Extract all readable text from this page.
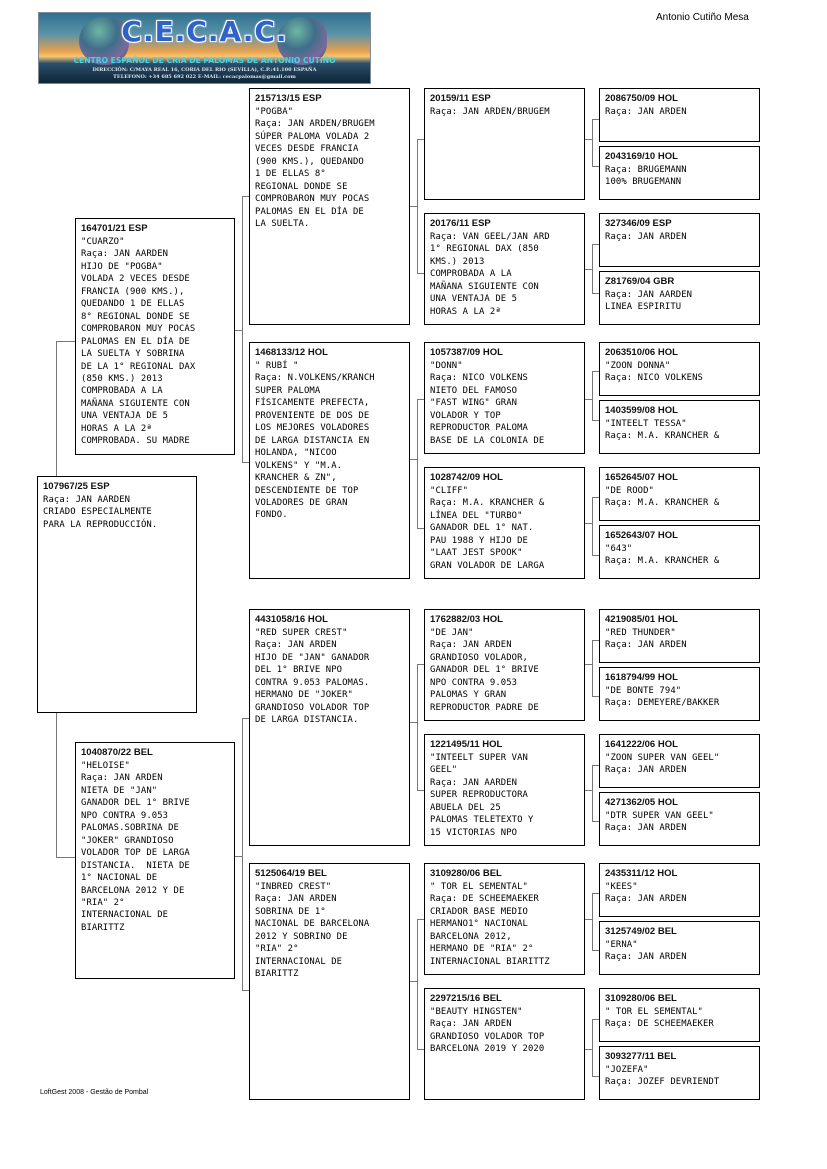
C.E.C.A.C.
CENTRO ESPAÑOL DE CRIA DE PALOMAS DE ANTONIO CUTIÑO
DIRECCIÓN: C/MAYA REAL 16, CORIA DEL RIO (SEVILLA), C.P.:41.100 ESPAÑA
TELEFONO: +34 685 692 022 E-MAIL: cecacpalomas@gmail.com
Antonio Cutiño Mesa
107967/25 ESP
Raça: JAN AARDEN
CRIADO ESPECIALMENTE
PARA LA REPRODUCCIÓN.
164701/21 ESP
"CUARZO"
Raça: JAN AARDEN
HIJO DE "POGBA"
VOLADA 2 VECES DESDE
FRANCIA (900 KMS.),
QUEDANDO 1 DE ELLAS
8° REGIONAL DONDE SE
COMPROBARON MUY POCAS
PALOMAS EN EL DÍA DE
LA SUELTA Y SOBRINA
DE LA 1° REGIONAL DAX
(850 KMS.) 2013
COMPROBADA A LA
MAÑANA SIGUIENTE CON
UNA VENTAJA DE 5
HORAS A LA 2ª
COMPROBADA. SU MADRE
1040870/22 BEL
"HELOISE"
Raça: JAN ARDEN
NIETA DE "JAN"
GANADOR DEL 1° BRIVE
NPO CONTRA 9.053
PALOMAS.SOBRINA DE
"JOKER" GRANDIOSO
VOLADOR TOP DE LARGA
DISTANCIA.  NIETA DE
1° NACIONAL DE
BARCELONA 2012 Y DE
"RIA" 2°
INTERNACIONAL DE
BIARITTZ
215713/15 ESP
"POGBA"
Raça: JAN ARDEN/BRUGEM
SÚPER PALOMA VOLADA 2
VECES DESDE FRANCIA
(900 KMS.), QUEDANDO
1 DE ELLAS 8°
REGIONAL DONDE SE
COMPROBARON MUY POCAS
PALOMAS EN EL DÍA DE
LA SUELTA.
1468133/12 HOL
" RUBÍ "
Raça: N.VOLKENS/KRANCH
SUPER PALOMA
FÍSICAMENTE PREFECTA,
PROVENIENTE DE DOS DE
LOS MEJORES VOLADORES
DE LARGA DISTANCIA EN
HOLANDA, "NICOO
VOLKENS" Y "M.A.
KRANCHER & ZN",
DESCENDIENTE DE TOP
VOLADORES DE GRAN
FONDO.
4431058/16 HOL
"RED SUPER CREST"
Raça: JAN ARDEN
HIJO DE "JAN" GANADOR
DEL 1° BRIVE NPO
CONTRA 9.053 PALOMAS.
HERMANO DE "JOKER"
GRANDIOSO VOLADOR TOP
DE LARGA DISTANCIA.
5125064/19 BEL
"INBRED CREST"
Raça: JAN ARDEN
SOBRINA DE 1°
NACIONAL DE BARCELONA
2012 Y SOBRINO DE
"RIA" 2°
INTERNACIONAL DE
BIARITTZ
20159/11 ESP
Raça: JAN ARDEN/BRUGEM
20176/11 ESP
Raça: VAN GEEL/JAN ARD
1° REGIONAL DAX (850
KMS.) 2013
COMPROBADA A LA
MAÑANA SIGUIENTE CON
UNA VENTAJA DE 5
HORAS A LA 2ª
1057387/09 HOL
"DONN"
Raça: NICO VOLKENS
NIETO DEL FAMOSO
"FAST WING" GRAN
VOLADOR Y TOP
REPRODUCTOR PALOMA
BASE DE LA COLONIA DE
1028742/09 HOL
"CLIFF"
Raça: M.A. KRANCHER &
LÍNEA DEL "TURBO"
GANADOR DEL 1° NAT.
PAU 1988 Y HIJO DE
"LAAT JEST SPOOK"
GRAN VOLADOR DE LARGA
1762882/03 HOL
"DE JAN"
Raça: JAN ARDEN
GRANDIOSO VOLADOR,
GANADOR DEL 1° BRIVE
NPO CONTRA 9.053
PALOMAS Y GRAN
REPRODUCTOR PADRE DE
1221495/11 HOL
"INTEELT SUPER VAN
GEEL"
Raça: JAN AARDEN
SUPER REPRODUCTORA
ABUELA DEL 25
PALOMAS TELETEXTO Y
15 VICTORIAS NPO
3109280/06 BEL
" TOR EL SEMENTAL"
Raça: DE SCHEEMAEKER
CRIADOR BASE MEDIO
HERMANO1° NACIONAL
BARCELONA 2012,
HERMANO DE "RIA" 2°
INTERNACIONAL BIARITTZ
2297215/16 BEL
"BEAUTY HINGSTEN"
Raça: JAN ARDEN
GRANDIOSO VOLADOR TOP
BARCELONA 2019 Y 2020
2086750/09 HOL
Raça: JAN ARDEN
2043169/10 HOL
Raça: BRUGEMANN
100% BRUGEMANN
327346/09 ESP
Raça: JAN ARDEN
Z81769/04 GBR
Raça: JAN AARDEN
LINEA ESPIRITU
2063510/06 HOL
"ZOON DONNA"
Raça: NICO VOLKENS
1403599/08 HOL
"INTEELT TESSA"
Raça: M.A. KRANCHER &
1652645/07 HOL
"DE ROOD"
Raça: M.A. KRANCHER &
1652643/07 HOL
"643"
Raça: M.A. KRANCHER &
4219085/01 HOL
"RED THUNDER"
Raça: JAN ARDEN
1618794/99 HOL
"DE BONTE 794"
Raça: DEMEYERE/BAKKER
1641222/06 HOL
"ZOON SUPER VAN GEEL"
Raça: JAN ARDEN
4271362/05 HOL
"DTR SUPER VAN GEEL"
Raça: JAN ARDEN
2435311/12 HOL
"KEES"
Raça: JAN ARDEN
3125749/02 BEL
"ERNA"
Raça: JAN ARDEN
3109280/06 BEL
" TOR EL SEMENTAL"
Raça: DE SCHEEMAEKER
3093277/11 BEL
"JOZEFA"
Raça: JOZEF DEVRIENDT
LoftGest 2008 - Gestão de Pombal
